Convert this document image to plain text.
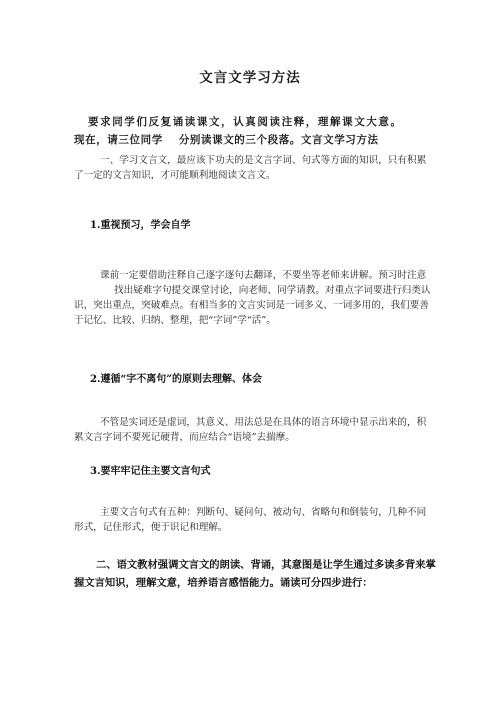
文言文学习方法
要求同学们反复诵读课文，认真阅读注释，理解课文大意。
现在，请三位同学 分别读课文的三个段落。文言文学习方法
一、学习文言文，最应该下功夫的是文言字词、句式等方面的知识，只有积累了一定的文言知识，才可能顺利地阅读文言文。
1.重视预习，学会自学
课前一定要借助注释自己逐字逐句去翻译，不要坐等老师来讲解。预习时注意
找出疑难字句提交课堂讨论，向老师、同学请教。对重点字词要进行归类认识，突出重点，突破难点。有相当多的文言实词是一词多义、一词多用的，我们要善于记忆、比较、归纳、整理，把“字词”学“活”。
2.遵循“字不离句”的原则去理解、体会
不管是实词还是虚词，其意义、用法总是在具体的语言环境中显示出来的，积累文言字词不要死记硬背，而应结合“语境”去揣摩。
3.要牢牢记住主要文言句式
主要文言句式有五种：判断句、疑问句、被动句、省略句和倒装句，几种不同形式，记住形式，便于识记和理解。
二、语文教材强调文言文的朗读、背诵，其意图是让学生通过多读多背来掌握文言知识，理解文意，培养语言感悟能力。诵读可分四步进行：
